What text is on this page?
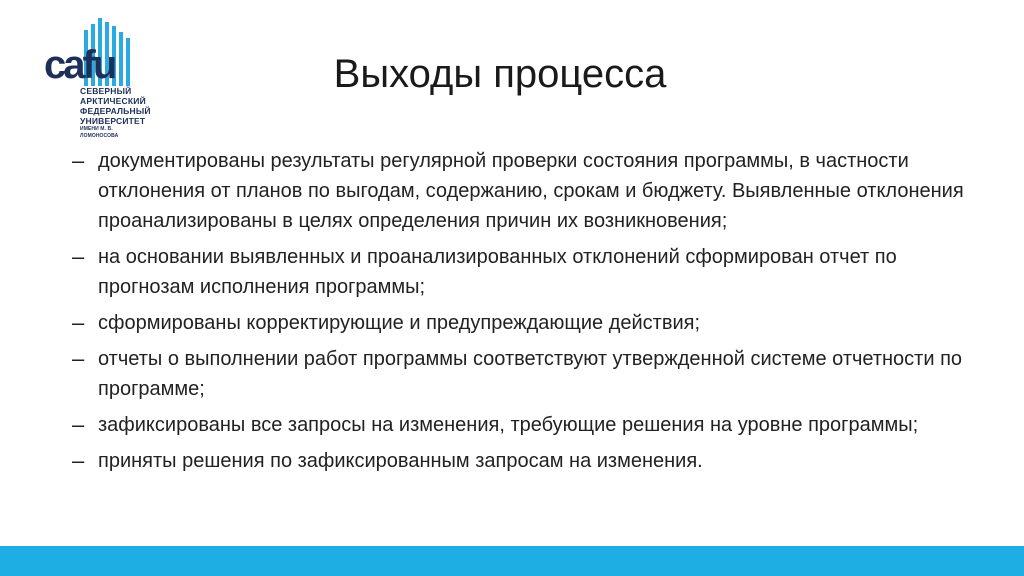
cafu
СЕВЕРНЫЙ
АРКТИЧЕСКИЙ
ФЕДЕРАЛЬНЫЙ
УНИВЕРСИТЕТ
ИМЕНИ М. В. ЛОМОНОСОВА
Выходы процесса
– документированы результаты регулярной проверки состояния программы, в частности отклонения от планов по выгодам, содержанию, срокам и бюджету. Выявленные отклонения проанализированы в целях определения причин их возникновения;
– на основании выявленных и проанализированных отклонений сформирован отчет по прогнозам исполнения программы;
– сформированы корректирующие и предупреждающие действия;
– отчеты о выполнении работ программы соответствуют утвержденной системе отчетности по программе;
– зафиксированы все запросы на изменения, требующие решения на уровне программы;
– приняты решения по зафиксированным запросам на изменения.
